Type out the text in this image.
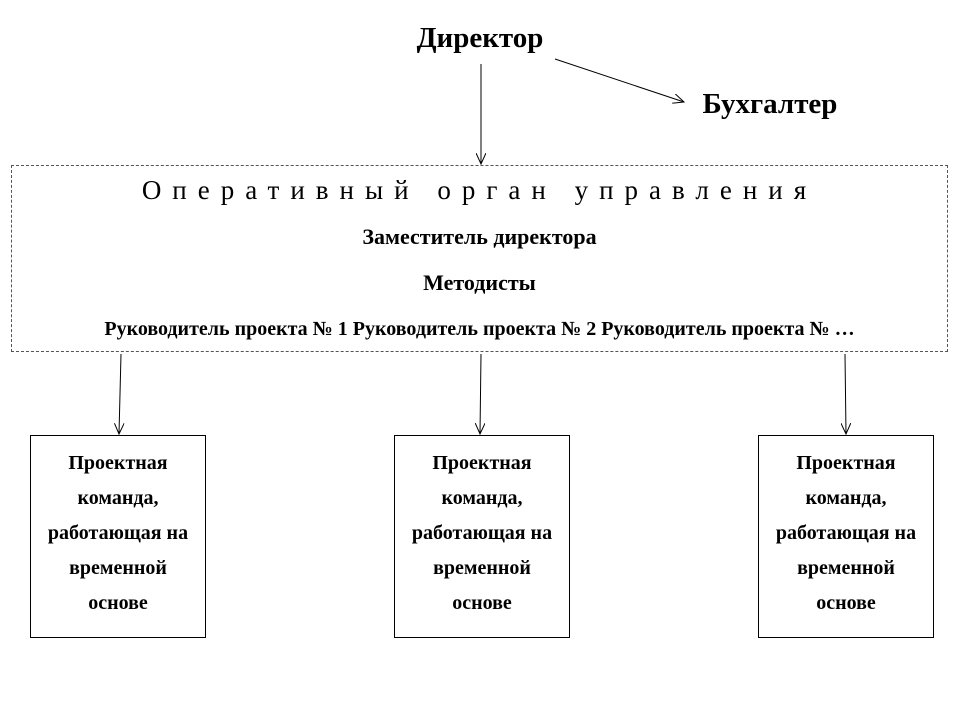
Директор
Бухгалтер
Оперативный орган управления
Заместитель директора
Методисты
Руководитель проекта № 1 Руководитель проекта № 2 Руководитель проекта № …
Проектная команда, работающая на временной основе
Проектная команда, работающая на временной основе
Проектная команда, работающая на временной основе
